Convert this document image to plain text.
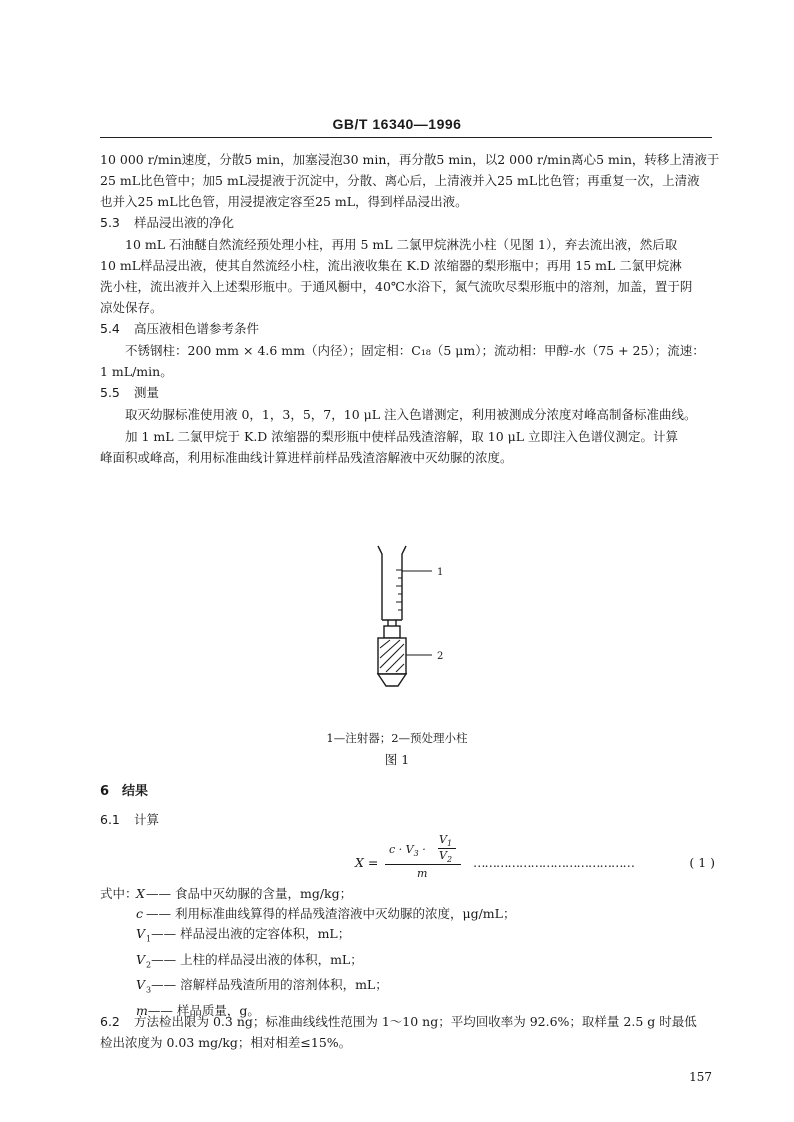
GB/T 16340—1996
10 000 r/min速度，分散5 min，加塞浸泡30 min，再分散5 min，以2 000 r/min离心5 min，转移上清液于
25 mL比色管中；加5 mL浸提液于沉淀中，分散、离心后，上清液并入25 mL比色管；再重复一次，上清液
也并入25 mL比色管，用浸提液定容至25 mL，得到样品浸出液。
5.3 样品浸出液的净化
10 mL 石油醚自然流经预处理小柱，再用 5 mL 二氯甲烷淋洗小柱（见图 1），弃去流出液，然后取
10 mL样品浸出液，使其自然流经小柱，流出液收集在 K.D 浓缩器的梨形瓶中；再用 15 mL 二氯甲烷淋
洗小柱，流出液并入上述梨形瓶中。于通风橱中，40℃水浴下，氮气流吹尽梨形瓶中的溶剂，加盖，置于阴
凉处保存。
5.4 高压液相色谱参考条件
不锈钢柱：200 mm × 4.6 mm（内径）；固定相：C₁₈（5 μm）；流动相：甲醇-水（75 + 25）；流速：
1 mL/min。
5.5 测量
取灭幼脲标准使用液 0，1，3，5，7，10 μL 注入色谱测定，利用被测成分浓度对峰高制备标准曲线。
加 1 mL 二氯甲烷于 K.D 浓缩器的梨形瓶中使样品残渣溶解，取 10 μL 立即注入色谱仪测定。计算
峰面积或峰高，利用标准曲线计算进样前样品残渣溶解液中灭幼脲的浓度。
1
2
1—注射器；2—预处理小柱
图 1
6 结果
6.1 计算
X =
$c \cdot V_3$ ·
$V_1$
$V_2$
m
……………………………………	( 1 )
式中：
X—— 食品中灭幼脲的含量，mg/kg；
c —— 利用标准曲线算得的样品残渣溶液中灭幼脲的浓度，μg/mL；
$V_1——$ 样品浸出液的定容体积，mL；
$V_2——$ 上柱的样品浸出液的体积，mL；
$V_3——$ 溶解样品残渣所用的溶剂体积，mL；
m—— 样品质量，g。
6.2 方法检出限为 0.3 ng；标准曲线线性范围为 1～10 ng；平均回收率为 92.6%；取样量 2.5 g 时最低
检出浓度为 0.03 mg/kg；相对相差≤15%。
157
